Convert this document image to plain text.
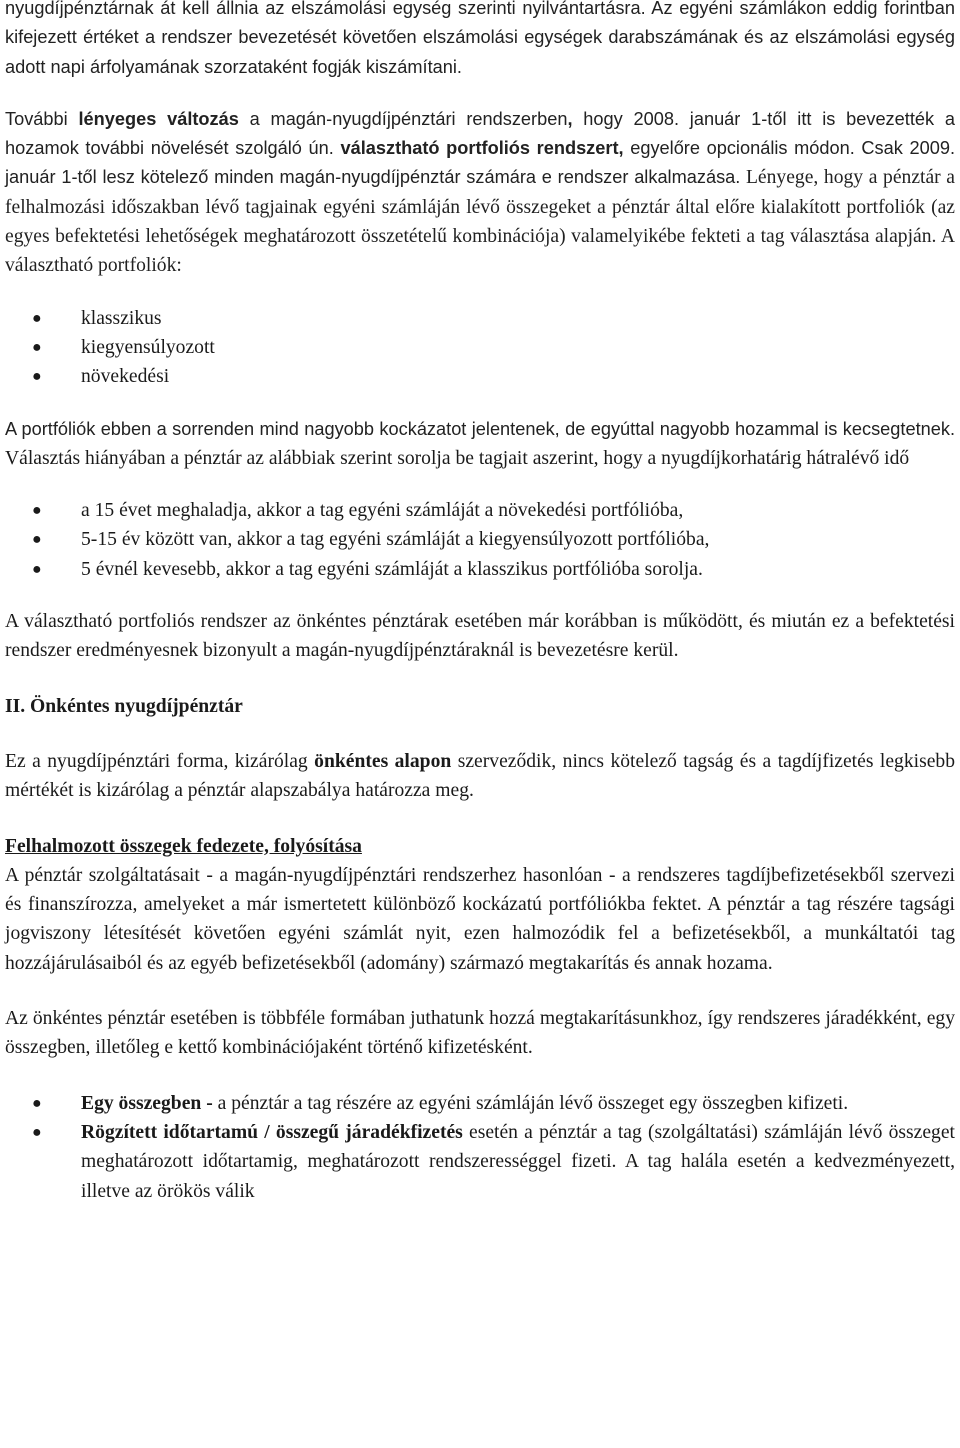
nyugdíjpénztárnak át kell állnia az elszámolási egység szerinti nyilvántartásra. Az egyéni számlákon eddig forintban kifejezett értéket a rendszer bevezetését követően elszámolási egységek darabszámának és az elszámolási egység adott napi árfolyamának szorzataként fogják kiszámítani.

További lényeges változás a magán-nyugdíjpénztári rendszerben, hogy 2008. január 1-től itt is bevezették a hozamok további növelését szolgáló ún. választható portfoliós rendszert, egyelőre opcionális módon. Csak 2009. január 1-től lesz kötelező minden magán-nyugdíjpénztár számára e rendszer alkalmazása. Lényege, hogy a pénztár a felhalmozási időszakban lévő tagjainak egyéni számláján lévő összegeket a pénztár által előre kialakított portfoliók (az egyes befektetési lehetőségek meghatározott összetételű kombinációja) valamelyikébe fekteti a tag választása alapján. A választható portfoliók:

● klasszikus
● kiegyensúlyozott
● növekedési

A portfóliók ebben a sorrenden mind nagyobb kockázatot jelentenek, de egyúttal nagyobb hozammal is kecsegtetnek. Választás hiányában a pénztár az alábbiak szerint sorolja be tagjait aszerint, hogy a nyugdíjkorhatárig hátralévő idő

● a 15 évet meghaladja, akkor a tag egyéni számláját a növekedési portfólióba,
● 5-15 év között van, akkor a tag egyéni számláját a kiegyensúlyozott portfólióba,
● 5 évnél kevesebb, akkor a tag egyéni számláját a klasszikus portfólióba sorolja.

A választható portfoliós rendszer az önkéntes pénztárak esetében már korábban is működött, és miután ez a befektetési rendszer eredményesnek bizonyult a magán-nyugdíjpénztáraknál is bevezetésre kerül.

II. Önkéntes nyugdíjpénztár

Ez a nyugdíjpénztári forma, kizárólag önkéntes alapon szerveződik, nincs kötelező tagság és a tagdíjfizetés legkisebb mértékét is kizárólag a pénztár alapszabálya határozza meg.

Felhalmozott összegek fedezete, folyósítása

A pénztár szolgáltatásait - a magán-nyugdíjpénztári rendszerhez hasonlóan - a rendszeres tagdíjbefizetésekből szervezi és finanszírozza, amelyeket a már ismertetett különböző kockázatú portfóliókba fektet. A pénztár a tag részére tagsági jogviszony létesítését követően egyéni számlát nyit, ezen halmozódik fel a befizetésekből, a munkáltatói tag hozzájárulásaiból és az egyéb befizetésekből (adomány) származó megtakarítás és annak hozama.

Az önkéntes pénztár esetében is többféle formában juthatunk hozzá megtakarításunkhoz, így rendszeres járadékként, egy összegben, illetőleg e kettő kombinációjaként történő kifizetésként.

● Egy összegben - a pénztár a tag részére az egyéni számláján lévő összeget egy összegben kifizeti.
● Rögzített időtartamú / összegű járadékfizetés esetén a pénztár a tag (szolgáltatási) számláján lévő összeget meghatározott időtartamig, meghatározott rendszerességgel fizeti. A tag halála esetén a kedvezményezett, illetve az örökös válik
